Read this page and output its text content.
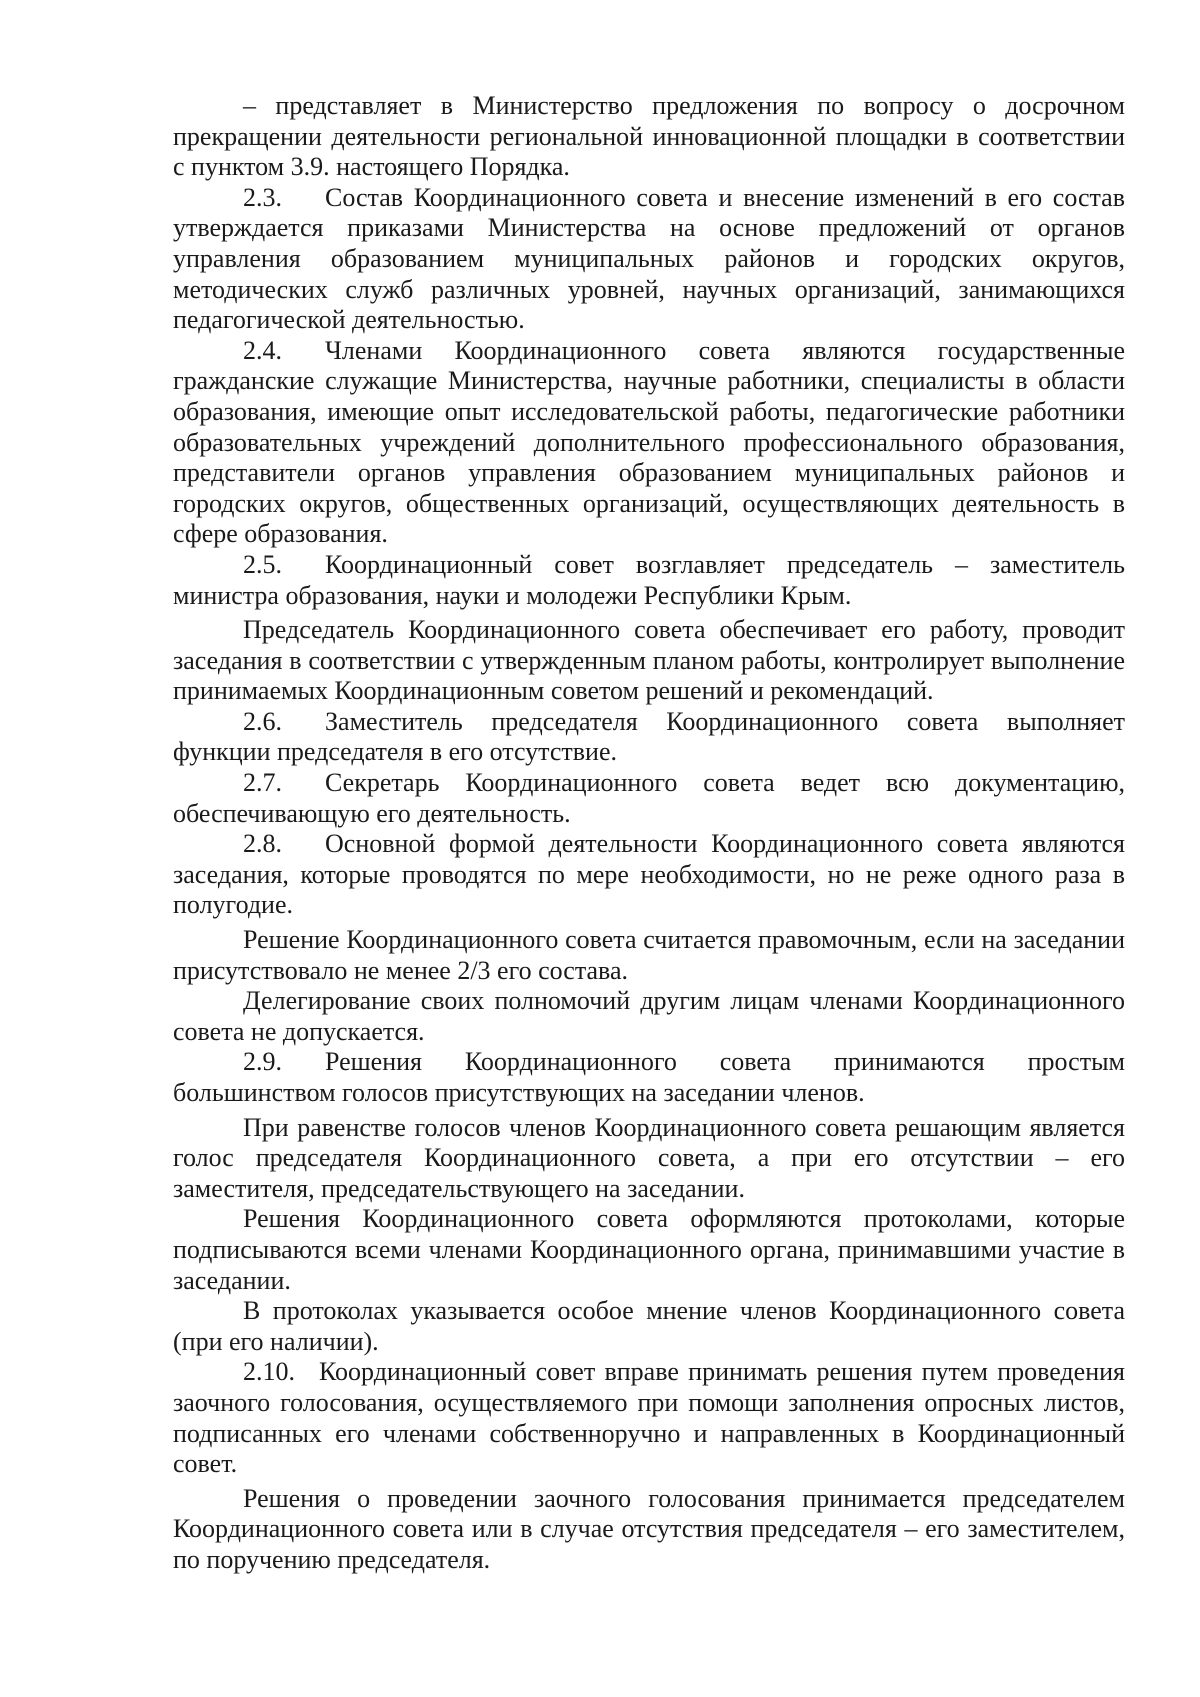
– представляет в Министерство предложения по вопросу о досрочном прекращении деятельности региональной инновационной площадки в соответствии с пунктом 3.9. настоящего Порядка.

2.3. Состав Координационного совета и внесение изменений в его состав утверждается приказами Министерства на основе предложений от органов управления образованием муниципальных районов и городских округов, методических служб различных уровней, научных организаций, занимающихся педагогической деятельностью.

2.4. Членами Координационного совета являются государственные гражданские служащие Министерства, научные работники, специалисты в области образования, имеющие опыт исследовательской работы, педагогические работники образовательных учреждений дополнительного профессионального образования, представители органов управления образованием муниципальных районов и городских округов, общественных организаций, осуществляющих деятельность в сфере образования.

2.5. Координационный совет возглавляет председатель – заместитель министра образования, науки и молодежи Республики Крым.

Председатель Координационного совета обеспечивает его работу, проводит заседания в соответствии с утвержденным планом работы, контролирует выполнение принимаемых Координационным советом решений и рекомендаций.

2.6. Заместитель председателя Координационного совета выполняет функции председателя в его отсутствие.

2.7. Секретарь Координационного совета ведет всю документацию, обеспечивающую его деятельность.

2.8. Основной формой деятельности Координационного совета являются заседания, которые проводятся по мере необходимости, но не реже одного раза в полугодие.

Решение Координационного совета считается правомочным, если на заседании присутствовало не менее 2/3 его состава.

Делегирование своих полномочий другим лицам членами Координационного совета не допускается.

2.9. Решения Координационного совета принимаются простым большинством голосов присутствующих на заседании членов.

При равенстве голосов членов Координационного совета решающим является голос председателя Координационного совета, а при его отсутствии – его заместителя, председательствующего на заседании.

Решения Координационного совета оформляются протоколами, которые подписываются всеми членами Координационного органа, принимавшими участие в заседании.

В протоколах указывается особое мнение членов Координационного совета (при его наличии).

2.10. Координационный совет вправе принимать решения путем проведения заочного голосования, осуществляемого при помощи заполнения опросных листов, подписанных его членами собственноручно и направленных в Координационный совет.

Решения о проведении заочного голосования принимается председателем Координационного совета или в случае отсутствия председателя – его заместителем, по поручению председателя.
